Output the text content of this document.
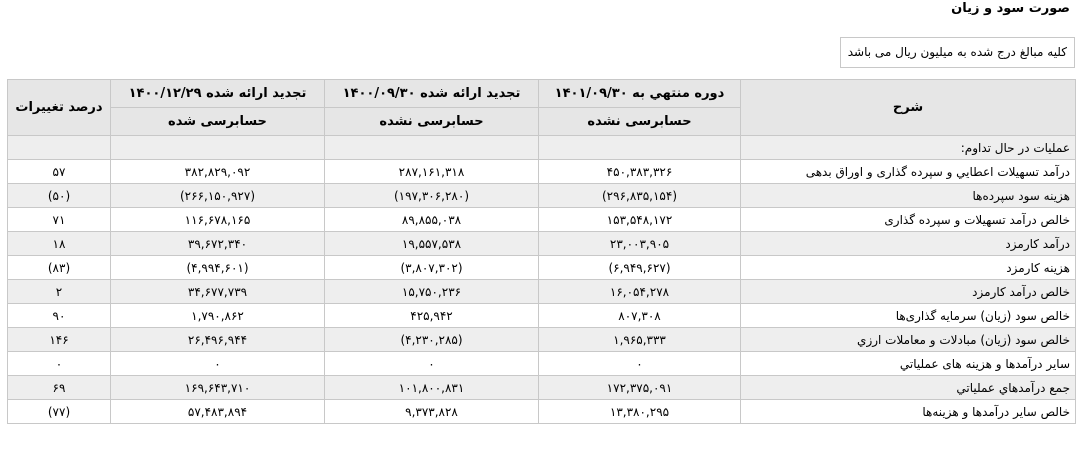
صورت سود و زیان
کلیه مبالغ درج شده به میلیون ریال می باشد
شرح	دوره منتهي به ۱۴۰۱/۰۹/۳۰	تجدید ارائه شده ۱۴۰۰/۰۹/۳۰	تجدید ارائه شده ۱۴۰۰/۱۲/۲۹	درصد تغییرات
	حسابرسی نشده	حسابرسی نشده	حسابرسی شده	
عملیات در حال تداوم:				
درآمد تسهیلات اعطایي و سپرده گذاری و اوراق بدهی	۴۵۰,۳۸۳,۳۲۶	۲۸۷,۱۶۱,۳۱۸	۳۸۲,۸۲۹,۰۹۲	۵۷
هزینه سود سپرده‌ها	(۲۹۶,۸۳۵,۱۵۴)	(۱۹۷,۳۰۶,۲۸۰)	(۲۶۶,۱۵۰,۹۲۷)	(۵۰)
خالص درآمد تسهیلات و سپرده گذاری	۱۵۳,۵۴۸,۱۷۲	۸۹,۸۵۵,۰۳۸	۱۱۶,۶۷۸,۱۶۵	۷۱
درآمد کارمزد	۲۳,۰۰۳,۹۰۵	۱۹,۵۵۷,۵۳۸	۳۹,۶۷۲,۳۴۰	۱۸
هزینه کارمزد	(۶,۹۴۹,۶۲۷)	(۳,۸۰۷,۳۰۲)	(۴,۹۹۴,۶۰۱)	(۸۳)
خالص درآمد کارمزد	۱۶,۰۵۴,۲۷۸	۱۵,۷۵۰,۲۳۶	۳۴,۶۷۷,۷۳۹	۲
خالص سود (زیان) سرمایه گذاری‌ها	۸۰۷,۳۰۸	۴۲۵,۹۴۲	۱,۷۹۰,۸۶۲	۹۰
خالص سود (زیان) مبادلات و معاملات ارزي	۱,۹۶۵,۳۳۳	(۴,۲۳۰,۲۸۵)	۲۶,۴۹۶,۹۴۴	۱۴۶
سایر درآمدها و هزینه های عملیاتي	۰	۰	۰	۰
جمع درآمدهاي عملیاتي	۱۷۲,۳۷۵,۰۹۱	۱۰۱,۸۰۰,۸۳۱	۱۶۹,۶۴۳,۷۱۰	۶۹
خالص سایر درآمدها و هزینه‌ها	۱۳,۳۸۰,۲۹۵	۹,۳۷۳,۸۲۸	۵۷,۴۸۳,۸۹۴	(۷۷)
